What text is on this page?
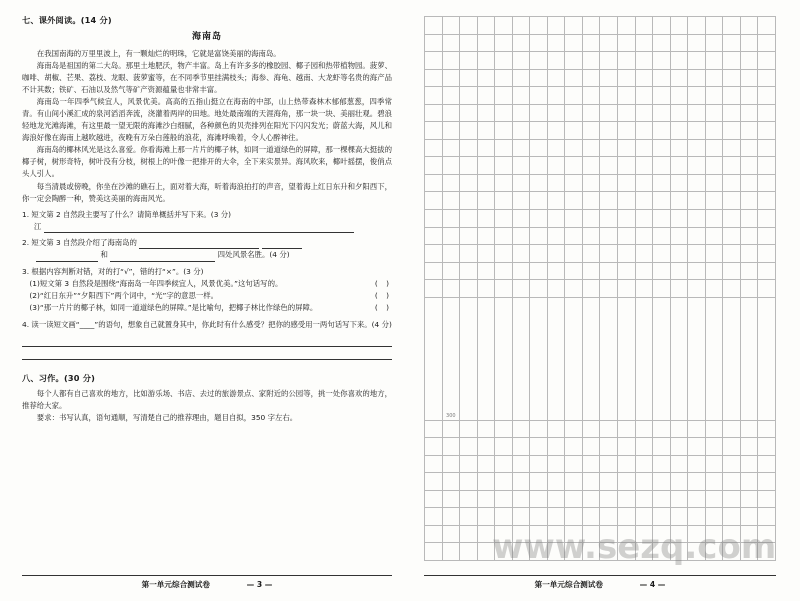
七、课外阅读。(14 分)
海南岛

在我国南海的万里里波上，有一颗灿烂的明珠，它就是富饶美丽的海南岛。

海南岛是祖国的第二大岛。那里土地肥沃，物产丰富。岛上有许多多的橡胶园、椰子园和热带植物园。菠萝、咖啡、胡椒、芒果、荔枝、龙眼、菠萝蜜等，在不同季节里挂满枝头；海参、海龟、越南、大龙虾等名贵的海产品不计其数；铁矿、石油以及然气等矿产资源蕴量也非常丰富。

海南岛一年四季气候宜人，风景优美。高高的五指山挺立在海南的中部，山上热带森林木郁郁葱葱，四季常青。有山间小溪汇成的泉河滔滔奔流，浇灌着两岸的田地。地处最南端的天涯海角，那一块一块、美丽壮观。碧浪轻地龙光滩海滩，有这里最一望无限的海滩沙白细腻，各种颜色的贝壳排列在阳光下闪闪发光；蔚蓝大海，风儿和海浪好像在海南上越吹越进，夜晚有万朵白莲般的浪花，海滩呼唤着，令人心醉神往。

海南岛的椰林风光是这么喜爱。你看海滩上那一片片的椰子林，如同一道道绿色的屏障，那一棵棵高大挺拔的椰子树，树形奇特，树叶没有分枝，树根上的叶像一把排开的大伞，全下来实景异。海风吹来，椰叶摇摆，俊俏点头人引人。

每当清晨或傍晚，你坐在沙滩的礁石上，面对着大海，听着海浪拍打的声音，望着海上红日东升和夕阳西下，你一定会陶醉一种，赞美这美丽的海南风光。

1. 短文第 2 自然段主要写了什么？请简单概括并写下来。(3 分)
江
2. 短文第 3 自然段介绍了海南岛的
和	四处风景名胜。(4 分)
3. 根据内容判断对错，对的打“√”，错的打“×”。(3 分)
( )
(1)短文第 3 自然段是围绕“海南岛一年四季候宜人，风景优美。”这句话写的。
( )
(2)“红日东升”“夕阳西下”两个词中，“光”字的意思一样。
( )
(3)“那一片片的椰子林，如同一道道绿色的屏障。”是比喻句，把椰子林比作绿色的屏障。
4. 读一读短文画“____”的语句，想象自己就置身其中，你此时有什么感受？把你的感受用一两句话写下来。(4 分)
八、习作。(30 分)

每个人都有自己喜欢的地方，比如游乐场、书店、去过的旅游景点、家附近的公园等，挑一处你喜欢的地方，推荐给大家。

要求：书写认真，语句通顺，写清楚自己的推荐理由，题目自拟，350 字左右。

第一单元综合测试卷	— 3 —

	300																		

第一单元综合测试卷	— 4 —
www.sezq.com
